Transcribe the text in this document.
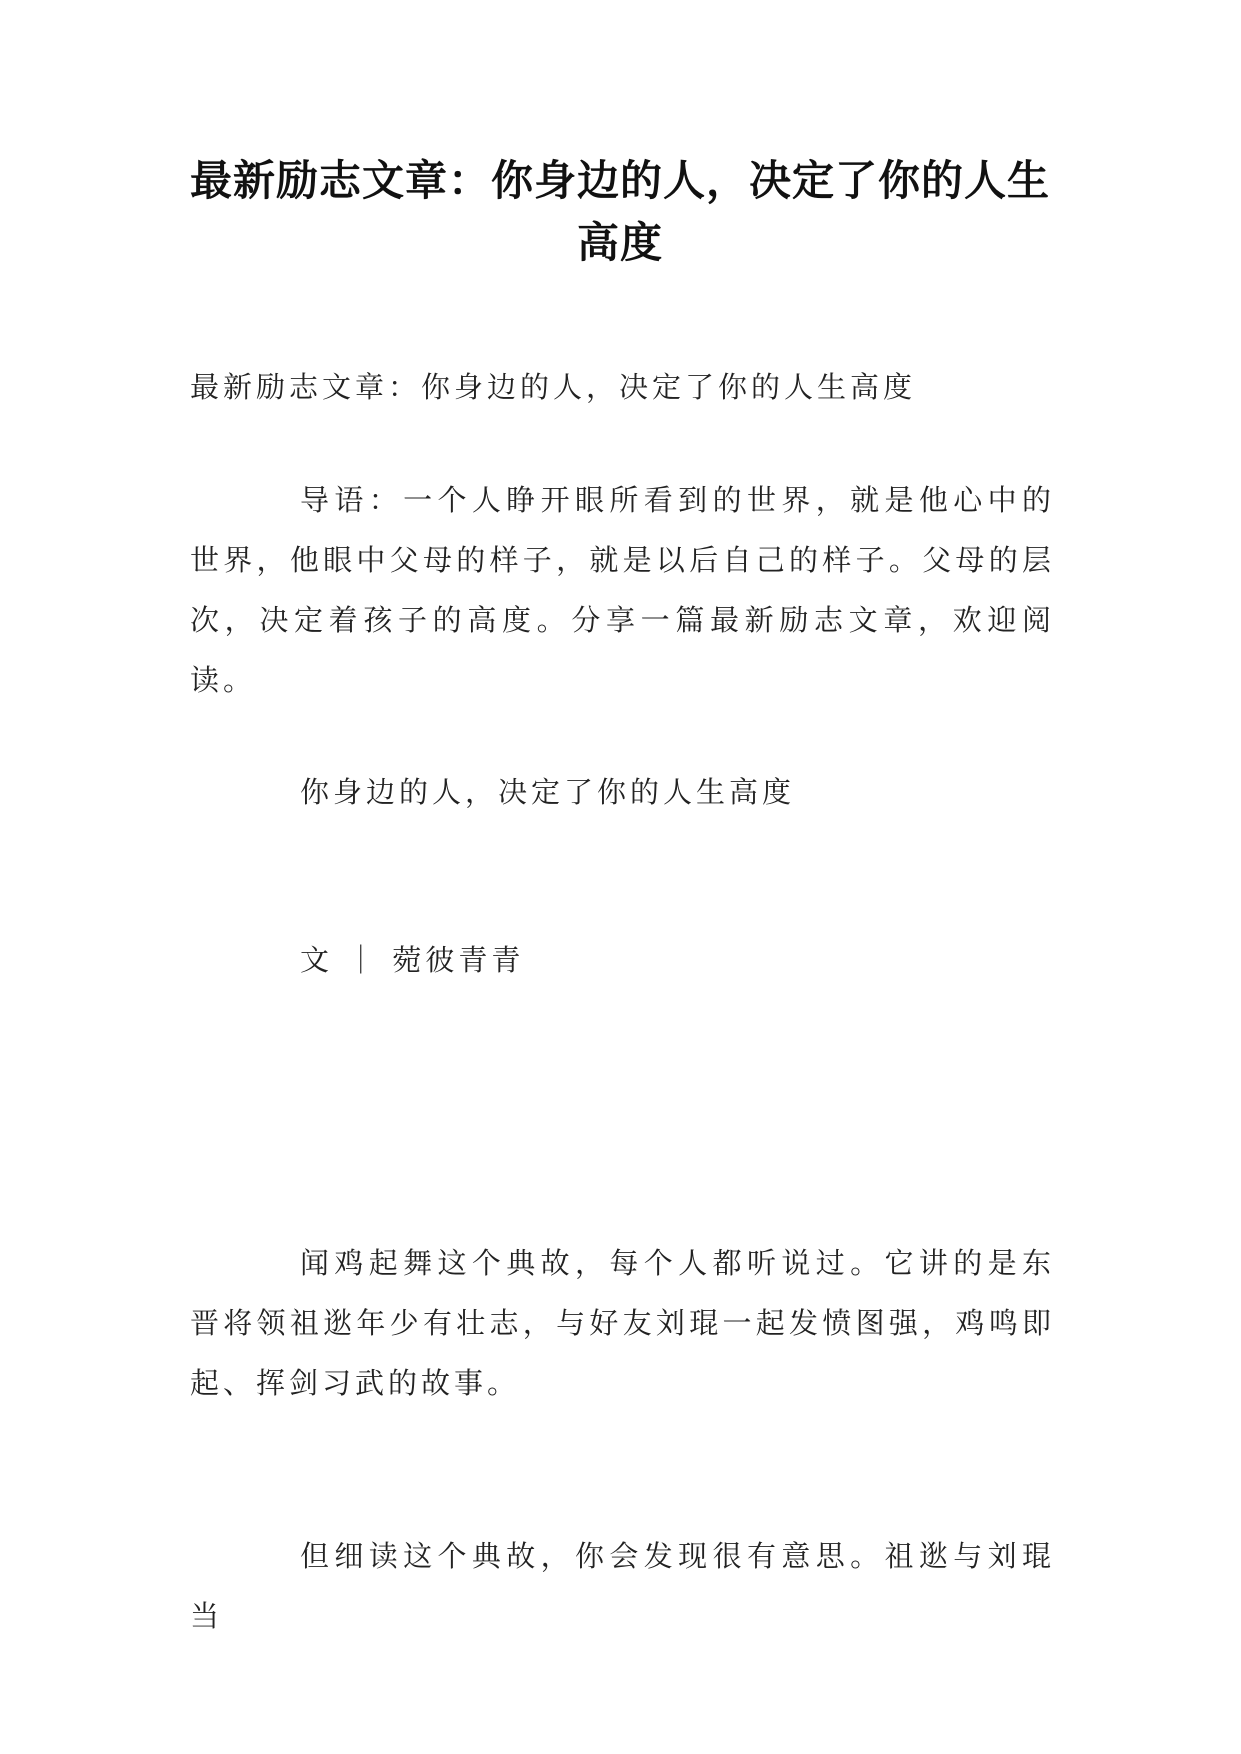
最新励志文章：你身边的人，决定了你的人生高度

最新励志文章：你身边的人，决定了你的人生高度

导语：一个人睁开眼所看到的世界，就是他心中的世界，他眼中父母的样子，就是以后自己的样子。父母的层次，决定着孩子的高度。分享一篇最新励志文章，欢迎阅读。

你身边的人，决定了你的人生高度

文 ｜ 菀彼青青

闻鸡起舞这个典故，每个人都听说过。它讲的是东晋将领祖逖年少有壮志，与好友刘琨一起发愤图强，鸡鸣即起、挥剑习武的故事。

但细读这个典故，你会发现很有意思。祖逖与刘琨当
